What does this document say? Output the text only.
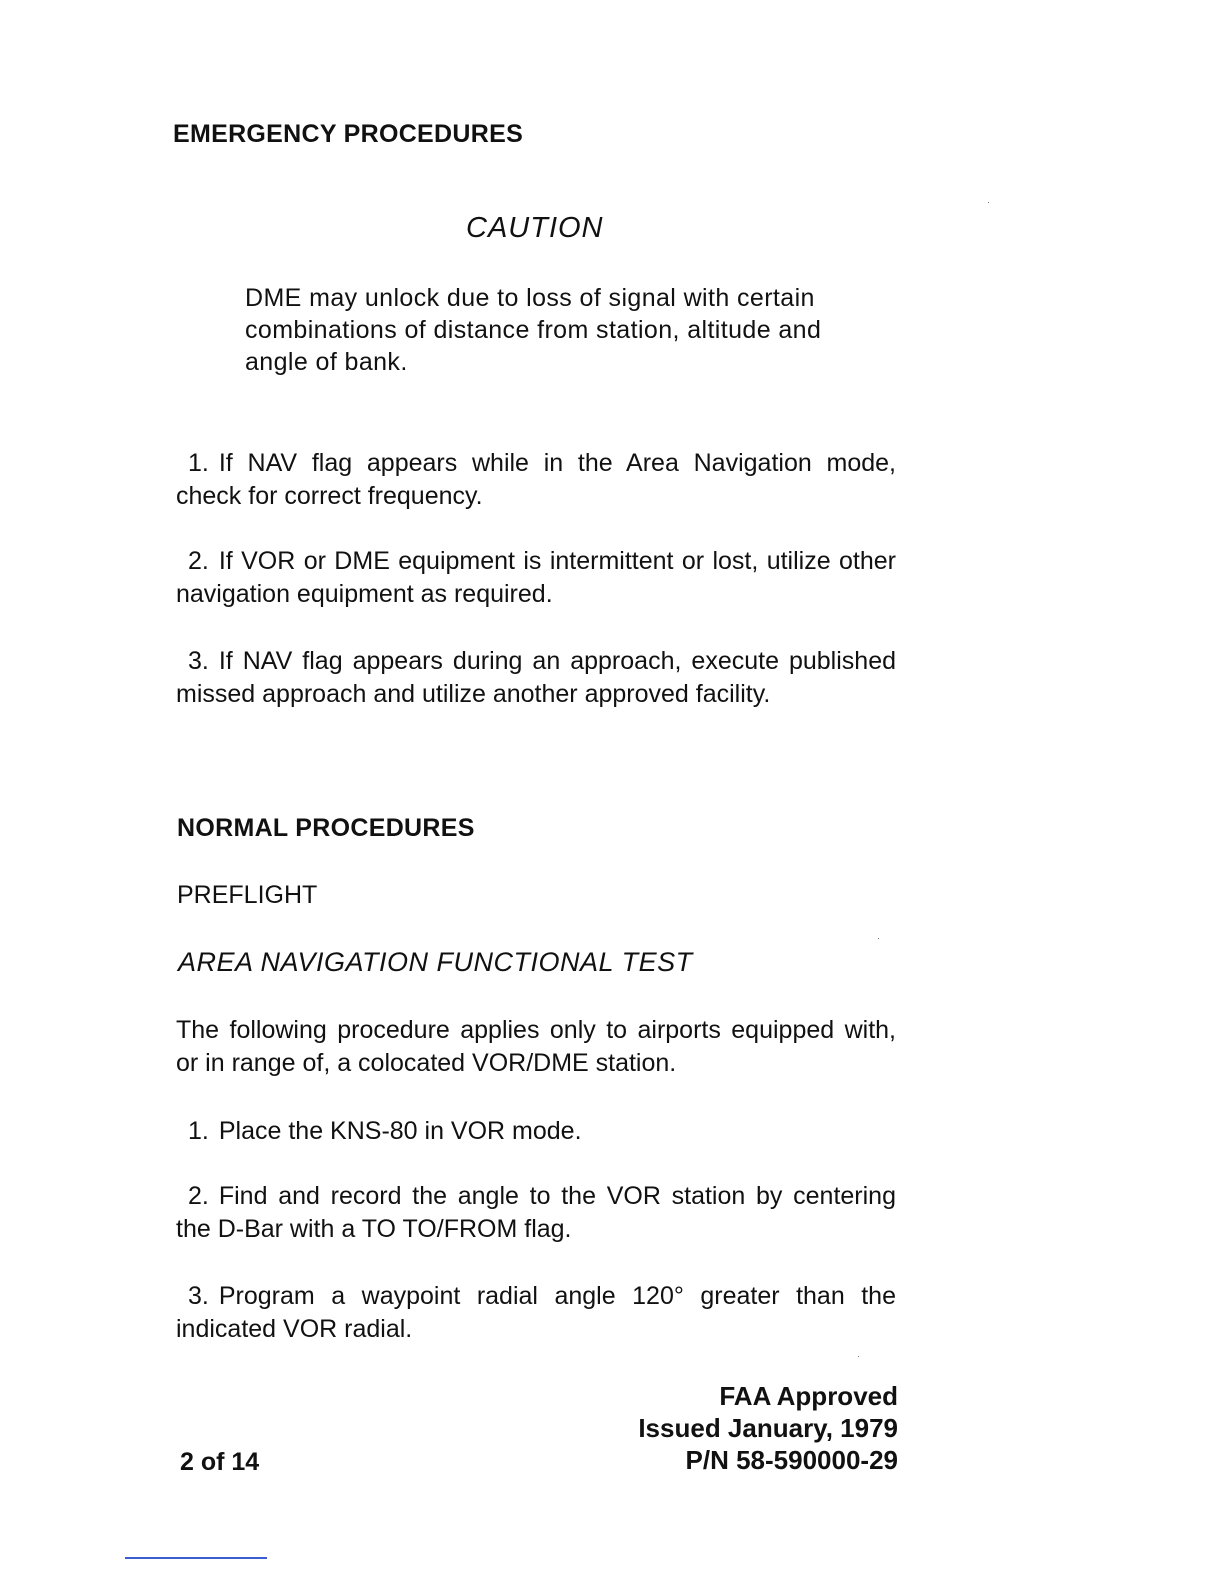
EMERGENCY PROCEDURES
CAUTION
DME may unlock due to loss of signal with certain combinations of distance from station, altitude and angle of bank.
1. If NAV flag appears while in the Area Navigation mode, check for correct frequency.
2. If VOR or DME equipment is intermittent or lost, utilize other navigation equipment as required.
3. If NAV flag appears during an approach, execute published missed approach and utilize another approved facility.
NORMAL PROCEDURES
PREFLIGHT
AREA NAVIGATION FUNCTIONAL TEST
The following procedure applies only to airports equipped with, or in range of, a colocated VOR/DME station.
1. Place the KNS-80 in VOR mode.
2. Find and record the angle to the VOR station by centering the D-Bar with a TO TO/FROM flag.
3. Program a waypoint radial angle 120° greater than the indicated VOR radial.
FAA Approved
Issued January, 1979
P/N 58-590000-29
2 of 14
